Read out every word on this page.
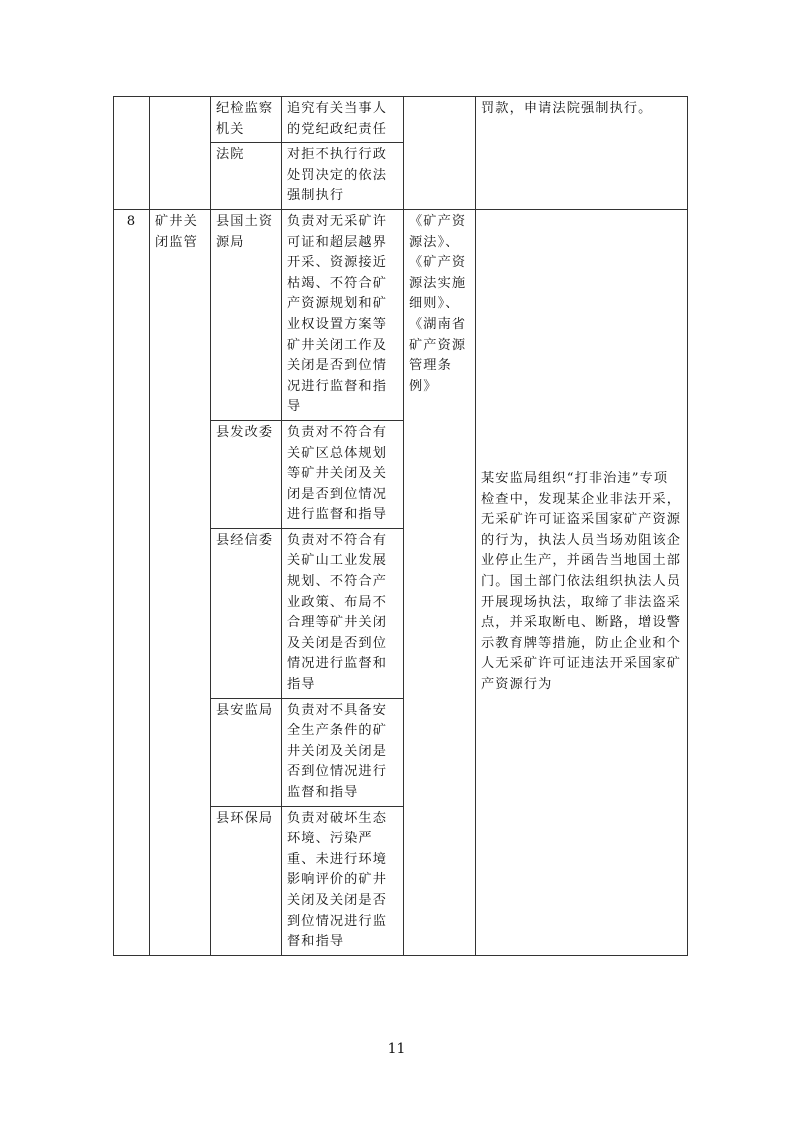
		纪检监察机关	追究有关当事人的党纪政纪责任		罚款，申请法院强制执行。
		法院	对拒不执行行政处罚决定的依法强制执行		
8	矿井关闭监管	县国土资源局	负责对无采矿许可证和超层越界开采、资源接近枯竭、不符合矿产资源规划和矿业权设置方案等矿井关闭工作及关闭是否到位情况进行监督和指导	《矿产资源法》、《矿产资源法实施细则》、《湖南省矿产资源管理条例》	某安监局组织“打非治违”专项检查中，发现某企业非法开采，无采矿许可证盗采国家矿产资源的行为，执法人员当场劝阻该企业停止生产，并函告当地国土部门。国土部门依法组织执法人员开展现场执法，取缔了非法盗采点，并采取断电、断路，增设警示教育牌等措施，防止企业和个人无采矿许可证违法开采国家矿产资源行为
		县发改委	负责对不符合有关矿区总体规划等矿井关闭及关闭是否到位情况进行监督和指导		
		县经信委	负责对不符合有关矿山工业发展规划、不符合产业政策、布局不合理等矿井关闭及关闭是否到位情况进行监督和指导		
		县安监局	负责对不具备安全生产条件的矿井关闭及关闭是否到位情况进行监督和指导		
		县环保局	负责对破坏生态环境、污染严重、未进行环境影响评价的矿井关闭及关闭是否到位情况进行监督和指导		
11
